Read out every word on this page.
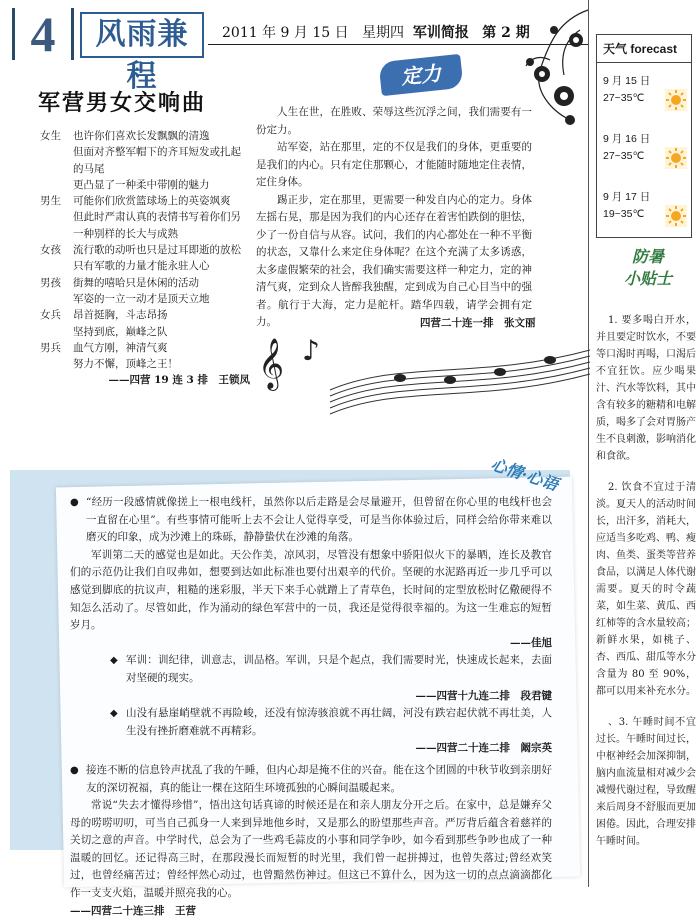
4	风雨兼程
2011 年 9 月 15 日 星期四 军训简报 第 2 期
军营男女交响曲
女生	也许你们喜欢长发飘飘的清逸
但面对齐整军帽下的齐耳短发或扎起的马尾
更凸显了一种柔中带刚的魅力
男生	可能你们欣赏篮球场上的英姿飒爽
但此时严肃认真的表情书写着你们另一种别样的长大与成熟
女孩	流行歌的动听也只是过耳即逝的放松
只有军歌的力量才能永驻人心
男孩	街舞的嘻哈只是休闲的活动
军姿的一立一动才是顶天立地
女兵	昂首挺胸，斗志昂扬
坚持到底，巅峰之队
男兵	血气方刚，神清气爽
努力不懈，顶峰之王！
——四营 19 连 3 排　王锁凤
定力

人生在世，在胜败、荣辱这些沉浮之间，我们需要有一份定力。

站军姿，站在那里，定的不仅是我们的身体，更重要的是我们的内心。只有定住那颗心，才能随时随地定住表情，定住身体。

踢正步，定在那里，更需要一种发自内心的定力。身体左摇右晃，那是因为我们的内心还存在着害怕跌倒的胆怯，少了一份自信与从容。试问，我们的内心都处在一种不平衡的状态，又靠什么来定住身体呢？在这个充满了太多诱惑，太多虚假繁荣的社会，我们确实需要这样一种定力，定的神清气爽，定到众人皆醉我独醒，定到成为自己心目当中的强者。航行于大海，定力是舵杆。踏华四载，请学会拥有定力。	四营二十连一排　张文丽
𝄞 ♪
心情·心语
● “经历一段感情就像搓上一根电线杆，虽然你以后走路是会尽量避开，但曾留在你心里的电线杆也会一直留在心里”。有些事情可能听上去不会让人觉得享受，可是当你体验过后，同样会给你带来难以磨灭的印象，成为沙滩上的珠砾，静静蛰伏在沙滩的角落。

军训第二天的感觉也是如此。天公作美，凉风羽，尽管没有想象中骄阳似火下的暴晒，连长及教官们的示范仍让我们自叹弗如，想要到达如此标准也要付出艰辛的代价。坚硬的水泥路再近一步几乎可以感觉到脚底的抗议声，粗糙的迷彩服，半天下来手心就蹭上了青草色，长时间的定型放松时亿儆硬得不知怎么活动了。尽管如此，作为涌动的绿色军营中的一员，我还是觉得很幸福的。为这一生难忘的短暂岁月。

——佳旭

◆ 军训：训纪律，训意志，训品格。军训，只是个起点，我们需要时光，快速成长起来，去面对坚硬的现实。

——四营十九连二排　段君键

◆ 山没有悬崖峭壁就不再险峻，还没有惊涛骇浪就不再壮阔，河没有跌宕起伏就不再壮美，人生没有挫折磨难就不再精彩。

——四营二十连二排　阚宗英

● 接连不断的信息铃声扰乱了我的午睡，但内心却是掩不住的兴奋。能在这个团圆的中秋节收到亲朋好友的深切祝福，真的能让一棵在这陌生环境孤独的心瞬间温暖起来。

常说“失去才懂得珍惜”，悟出这句话真谛的时候还是在和亲人朋友分开之后。在家中，总是嫌弃父母的唠唠叨叨，可当自己孤身一人来到异地他乡时，又是那么的盼望那些声音。严厉背后蕴含着慈祥的关切之意的声音。中学时代，总会为了一些鸡毛蒜皮的小事和同学争吵，如今看到那些争吵也成了一种温暖的回忆。还记得高三时，在那段漫长而短暂的时光里，我们曾一起拼搏过，也曾失落过;曾经欢笑过，也曾经痛苦过；曾经怦然心动过，也曾黯然伤神过。但这已不算什么，因为这一切的点点滴滴都化作一支支火焰，温暖并照亮我的心。

——四营二十连三排　王营

天气 forecast
9 月 15 日
27~35℃
9 月 16 日
27~35℃
9 月 17 日
19~35℃
防暑
小贴士

1. 要多喝白开水，并且要定时饮水，不要等口渴时再喝，口渴后不宜狂饮。应少喝果汁、汽水等饮料，其中含有较多的糖精和电解质，喝多了会对胃肠产生不良刺激，影响消化和食欲。

2. 饮食不宜过于清淡。夏天人的活动时间长，出汗多，消耗大，应适当多吃鸡、鸭、瘦肉、鱼类、蛋类等营养食品，以满足人体代谢需要。夏天的时令蔬菜，如生菜、黄瓜、西红柿等的含水量较高；新鲜水果，如桃子、杏、西瓜、甜瓜等水分含量为 80 至 90%，都可以用来补充水分。

、3. 午睡时间不宜过长。午睡时间过长，中枢神经会加深抑制，脑内血流量相对减少会减慢代谢过程，导致醒来后周身不舒服而更加困倦。因此，合理安排午睡时间。
